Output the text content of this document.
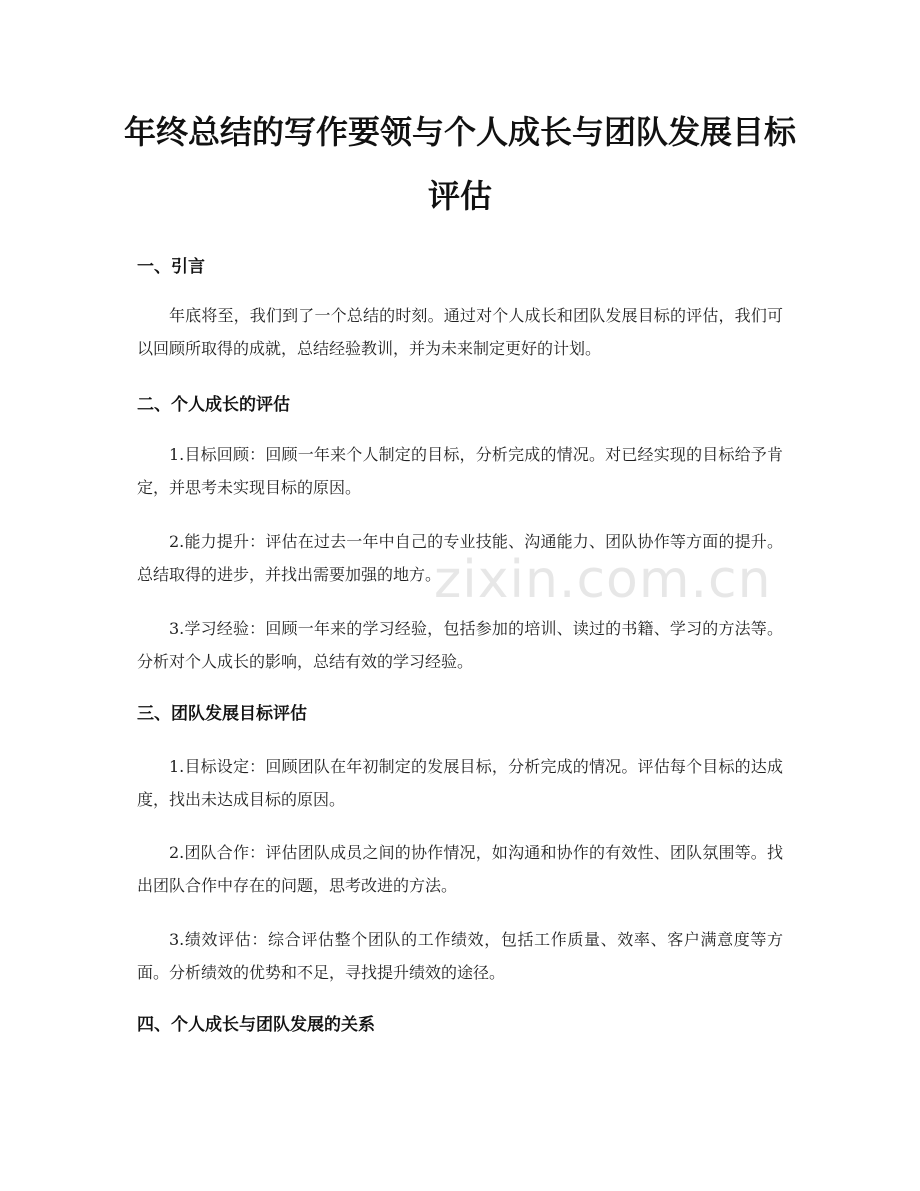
年终总结的写作要领与个人成长与团队发展目标评估
一、引言

年底将至，我们到了一个总结的时刻。通过对个人成长和团队发展目标的评估，我们可以回顾所取得的成就，总结经验教训，并为未来制定更好的计划。

二、个人成长的评估

1.目标回顾：回顾一年来个人制定的目标，分析完成的情况。对已经实现的目标给予肯定，并思考未实现目标的原因。

2.能力提升：评估在过去一年中自己的专业技能、沟通能力、团队协作等方面的提升。总结取得的进步，并找出需要加强的地方。

3.学习经验：回顾一年来的学习经验，包括参加的培训、读过的书籍、学习的方法等。分析对个人成长的影响，总结有效的学习经验。

三、团队发展目标评估

1.目标设定：回顾团队在年初制定的发展目标，分析完成的情况。评估每个目标的达成度，找出未达成目标的原因。

2.团队合作：评估团队成员之间的协作情况，如沟通和协作的有效性、团队氛围等。找出团队合作中存在的问题，思考改进的方法。

3.绩效评估：综合评估整个团队的工作绩效，包括工作质量、效率、客户满意度等方面。分析绩效的优势和不足，寻找提升绩效的途径。

四、个人成长与团队发展的关系
zixin.com.cn
